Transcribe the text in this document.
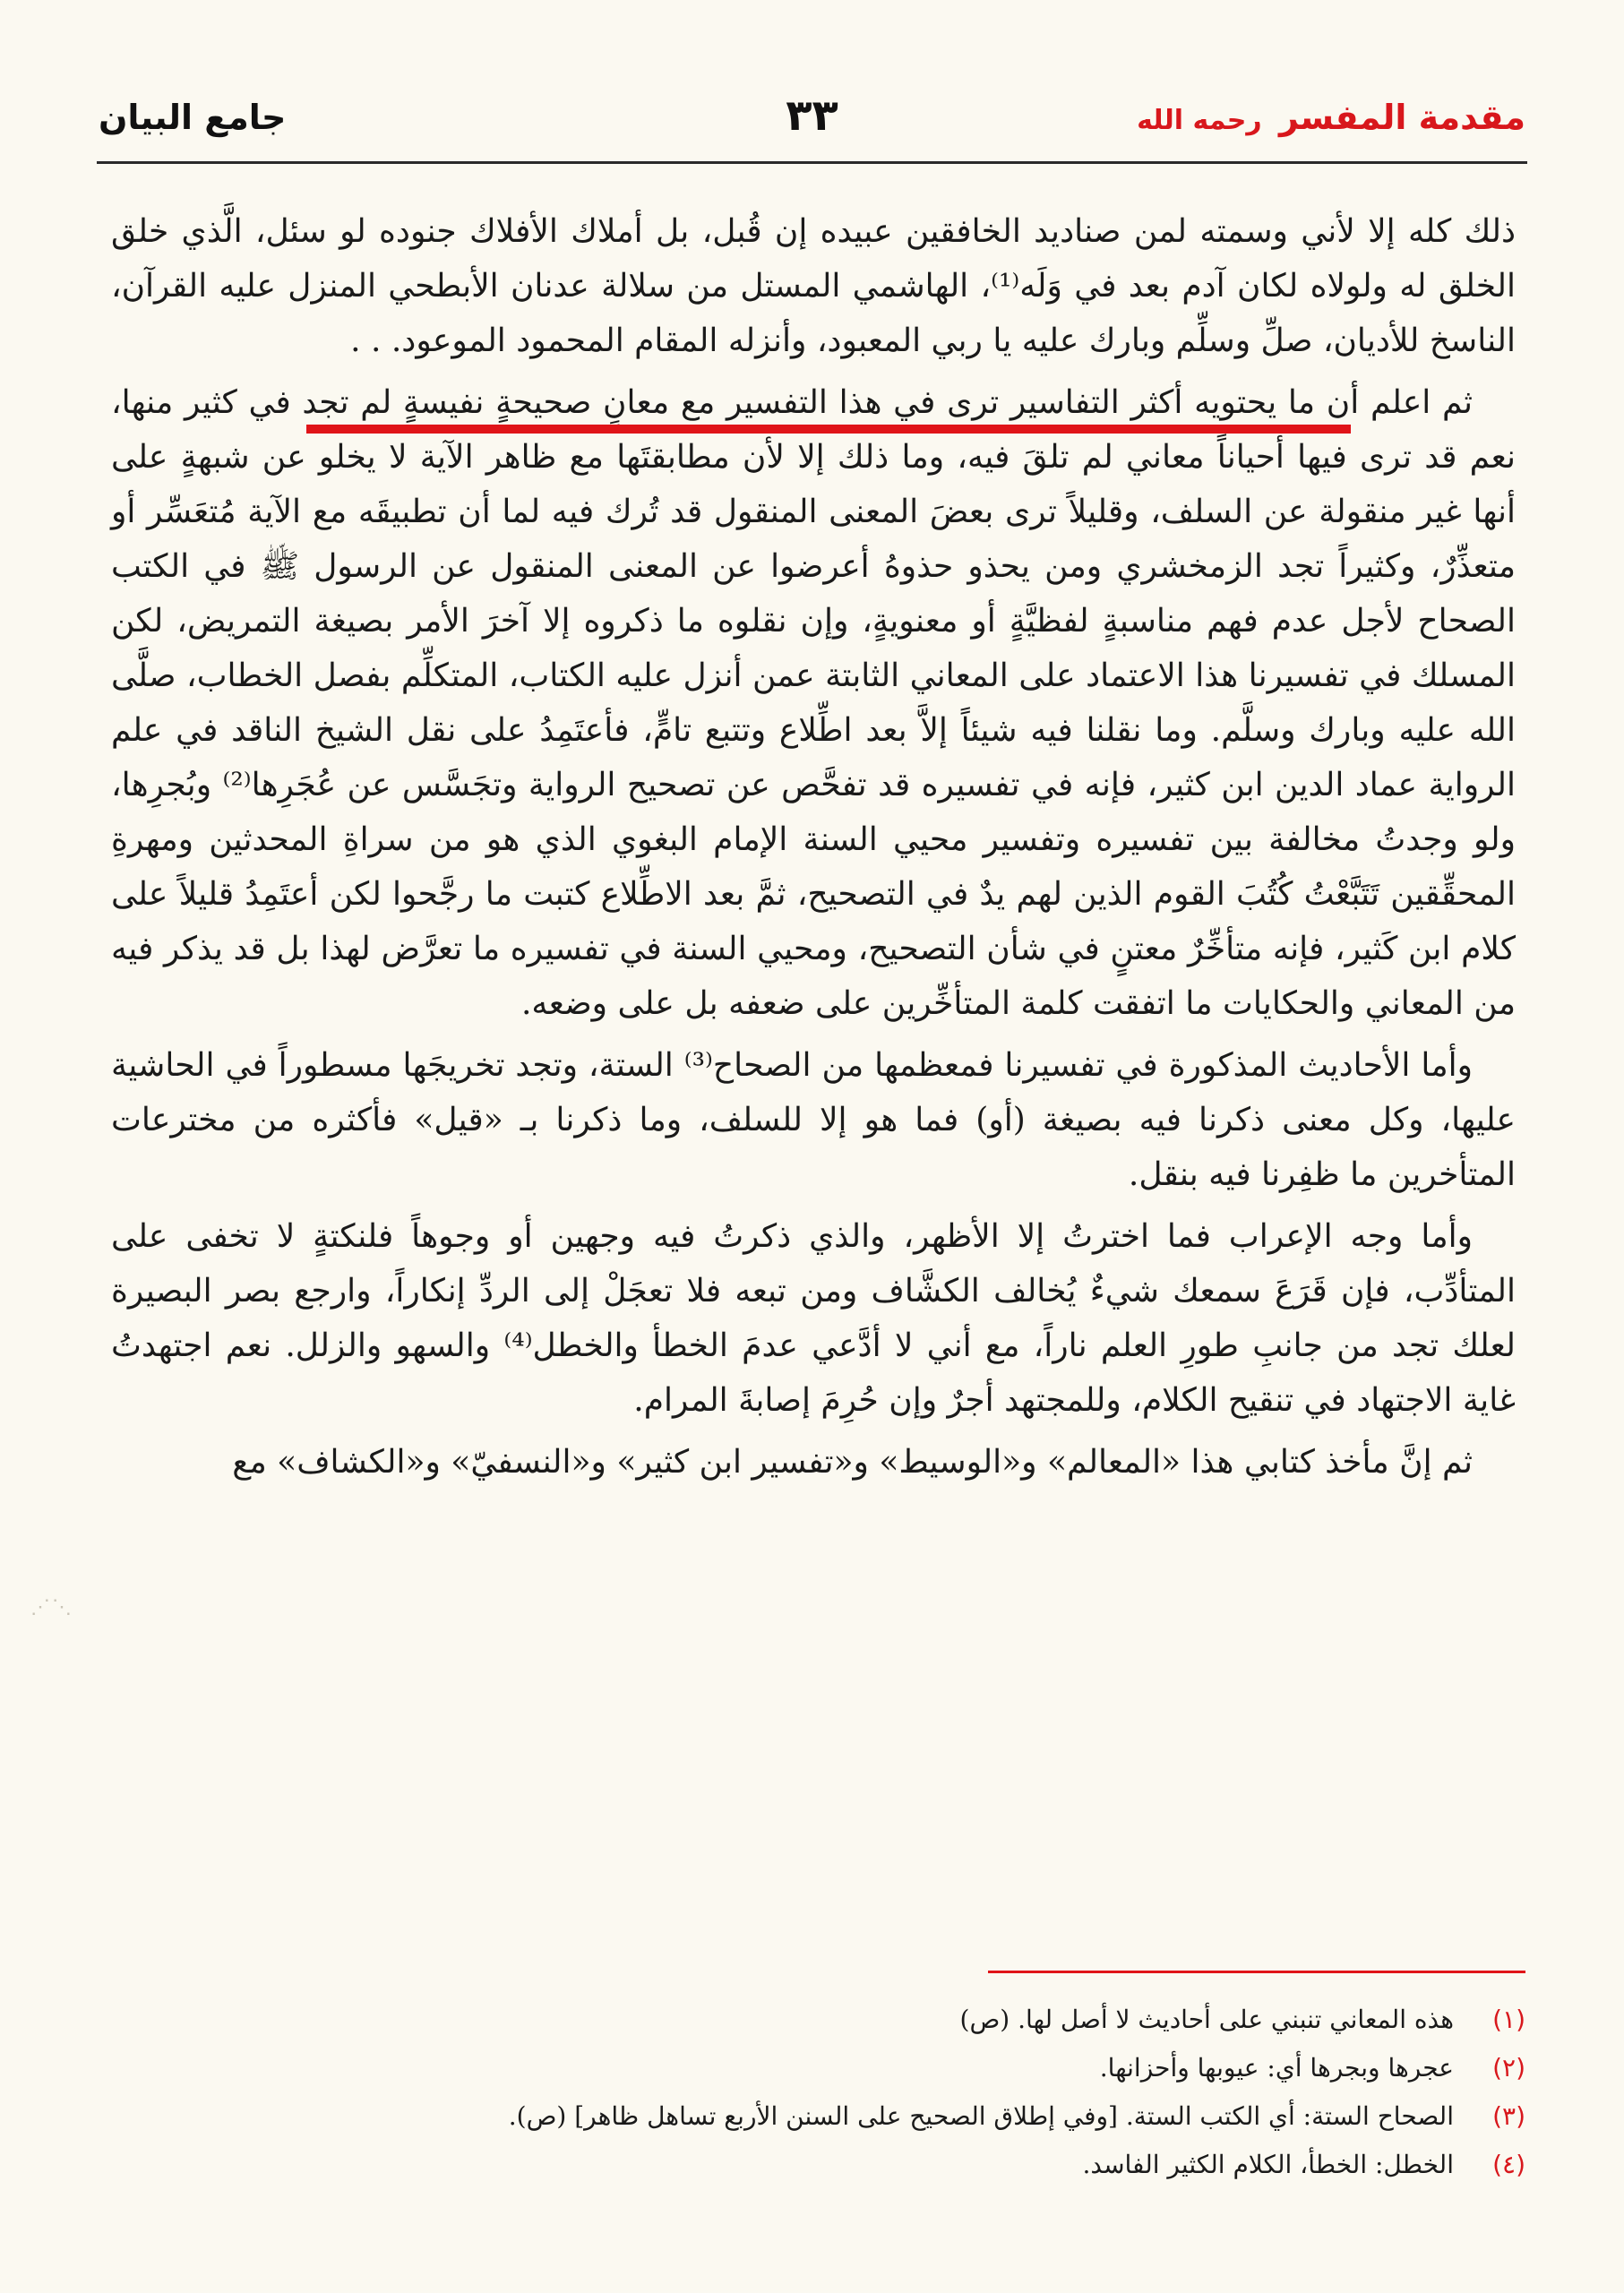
مقدمة المفسر رحمه الله
٣٣
جامع البيان

ذلك كله إلا لأني وسمته لمن صناديد الخافقين عبيده إن قُبل، بل أملاك الأفلاك جنوده لو سئل، الَّذي خلق الخلق له ولولاه لكان آدم بعد في وَلَه⁽¹⁾، الهاشمي المستل من سلالة عدنان الأبطحي المنزل عليه القرآن، الناسخ للأديان، صلِّ وسلِّم وبارك عليه يا ربي المعبود، وأنزله المقام المحمود الموعود. . .

ثم اعلم أن ما يحتويه أكثر التفاسير ترى في هذا التفسير مع معانٍ صحيحةٍ نفيسةٍ لم تجد في كثير منها، نعم قد ترى فيها أحياناً معاني لم تلقَ فيه، وما ذلك إلا لأن مطابقتَها مع ظاهر الآية لا يخلو عن شبهةٍ على أنها غير منقولة عن السلف، وقليلاً ترى بعضَ المعنى المنقول قد تُرك فيه لما أن تطبيقَه مع الآية مُتعَسِّر أو متعذِّرٌ، وكثيراً تجد الزمخشري ومن يحذو حذوهُ أعرضوا عن المعنى المنقول عن الرسول ﷺ في الكتب الصحاح لأجل عدم فهم مناسبةٍ لفظيَّةٍ أو معنويةٍ، وإن نقلوه ما ذكروه إلا آخرَ الأمر بصيغة التمريض، لكن المسلك في تفسيرنا هذا الاعتماد على المعاني الثابتة عمن أنزل عليه الكتاب، المتكلِّم بفصل الخطاب، صلَّى الله عليه وبارك وسلَّم. وما نقلنا فيه شيئاً إلاَّ بعد اطِّلاع وتتبع تامٍّ، فأعتَمِدُ على نقل الشيخ الناقد في علم الرواية عماد الدين ابن كثير، فإنه في تفسيره قد تفحَّص عن تصحيح الرواية وتجَسَّس عن عُجَرِها⁽²⁾ وبُجرِها، ولو وجدتُ مخالفة بين تفسيره وتفسير محيي السنة الإمام البغوي الذي هو من سراةِ المحدثين ومهرةِ المحقِّقين تَتَبَّعْتُ كُتُبَ القوم الذين لهم يدٌ في التصحيح، ثمَّ بعد الاطِّلاع كتبت ما رجَّحوا لكن أعتَمِدُ قليلاً على كلام ابن كَثير، فإنه متأخِّرٌ معتنٍ في شأن التصحيح، ومحيي السنة في تفسيره ما تعرَّض لهذا بل قد يذكر فيه من المعاني والحكايات ما اتفقت كلمة المتأخِّرين على ضعفه بل على وضعه.

وأما الأحاديث المذكورة في تفسيرنا فمعظمها من الصحاح⁽³⁾ الستة، وتجد تخريجَها مسطوراً في الحاشية عليها، وكل معنى ذكرنا فيه بصيغة (أو) فما هو إلا للسلف، وما ذكرنا بـ «قيل» فأكثره من مخترعات المتأخرين ما ظفِرنا فيه بنقل.

وأما وجه الإعراب فما اخترتُ إلا الأظهر، والذي ذكرتُ فيه وجهين أو وجوهاً فلنكتةٍ لا تخفى على المتأدِّب، فإن قَرَعَ سمعك شيءٌ يُخالف الكشَّاف ومن تبعه فلا تعجَلْ إلى الردِّ إنكاراً، وارجع بصر البصيرة لعلك تجد من جانبِ طورِ العلم ناراً، مع أني لا أدَّعي عدمَ الخطأ والخطل⁽⁴⁾ والسهو والزلل. نعم اجتهدتُ غاية الاجتهاد في تنقيح الكلام، وللمجتهد أجرٌ وإن حُرِمَ إصابةَ المرام.

ثم إنَّ مأخذ كتابي هذا «المعالم» و«الوسيط» و«تفسير ابن كثير» و«النسفيّ» و«الكشاف» مع

⋰⋱
(١)
هذه المعاني تنبني على أحاديث لا أصل لها. (ص)
(٢)
عجرها وبجرها أي: عيوبها وأحزانها.
(٣)
الصحاح الستة: أي الكتب الستة. [وفي إطلاق الصحيح على السنن الأربع تساهل ظاهر] (ص).
(٤)
الخطل: الخطأ، الكلام الكثير الفاسد.
